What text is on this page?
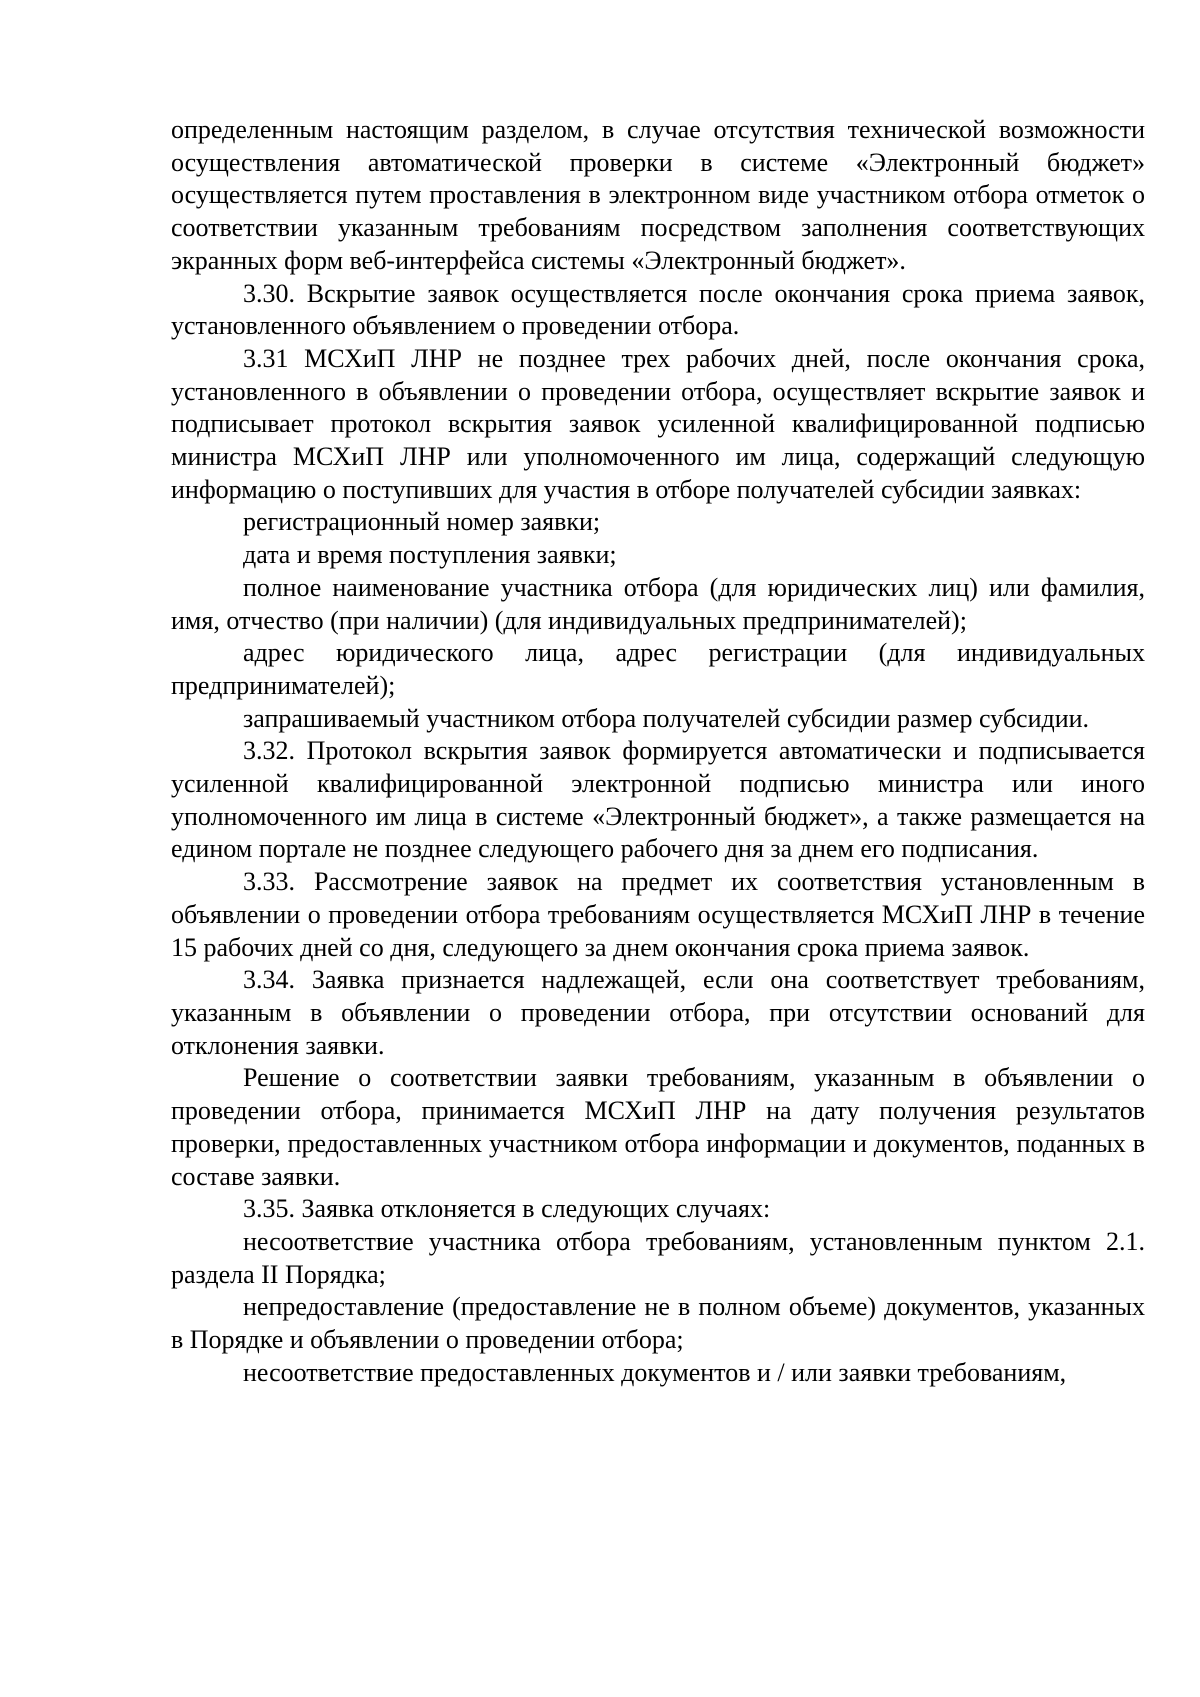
определенным настоящим разделом, в случае отсутствия технической возможности осуществления автоматической проверки в системе «Электронный бюджет» осуществляется путем проставления в электронном виде участником отбора отметок о соответствии указанным требованиям посредством заполнения соответствующих экранных форм веб-интерфейса системы «Электронный бюджет».

3.30. Вскрытие заявок осуществляется после окончания срока приема заявок, установленного объявлением о проведении отбора.

3.31 МСХиП ЛНР не позднее трех рабочих дней, после окончания срока, установленного в объявлении о проведении отбора, осуществляет вскрытие заявок и подписывает протокол вскрытия заявок усиленной квалифицированной подписью министра МСХиП ЛНР или уполномоченного им лица, содержащий следующую информацию о поступивших для участия в отборе получателей субсидии заявках:

регистрационный номер заявки;

дата и время поступления заявки;

полное наименование участника отбора (для юридических лиц) или фамилия, имя, отчество (при наличии) (для индивидуальных предпринимателей);

адрес юридического лица, адрес регистрации (для индивидуальных предпринимателей);

запрашиваемый участником отбора получателей субсидии размер субсидии.

3.32. Протокол вскрытия заявок формируется автоматически и подписывается усиленной квалифицированной электронной подписью министра или иного уполномоченного им лица в системе «Электронный бюджет», а также размещается на едином портале не позднее следующего рабочего дня за днем его подписания.

3.33. Рассмотрение заявок на предмет их соответствия установленным в объявлении о проведении отбора требованиям осуществляется МСХиП ЛНР в течение 15 рабочих дней со дня, следующего за днем окончания срока приема заявок.

3.34. Заявка признается надлежащей, если она соответствует требованиям, указанным в объявлении о проведении отбора, при отсутствии оснований для отклонения заявки.

Решение о соответствии заявки требованиям, указанным в объявлении о проведении отбора, принимается МСХиП ЛНР на дату получения результатов проверки, предоставленных участником отбора информации и документов, поданных в составе заявки.

3.35. Заявка отклоняется в следующих случаях:

несоответствие участника отбора требованиям, установленным пунктом 2.1. раздела II Порядка;

непредоставление (предоставление не в полном объеме) документов, указанных в Порядке и объявлении о проведении отбора;

несоответствие предоставленных документов и / или заявки требованиям,
